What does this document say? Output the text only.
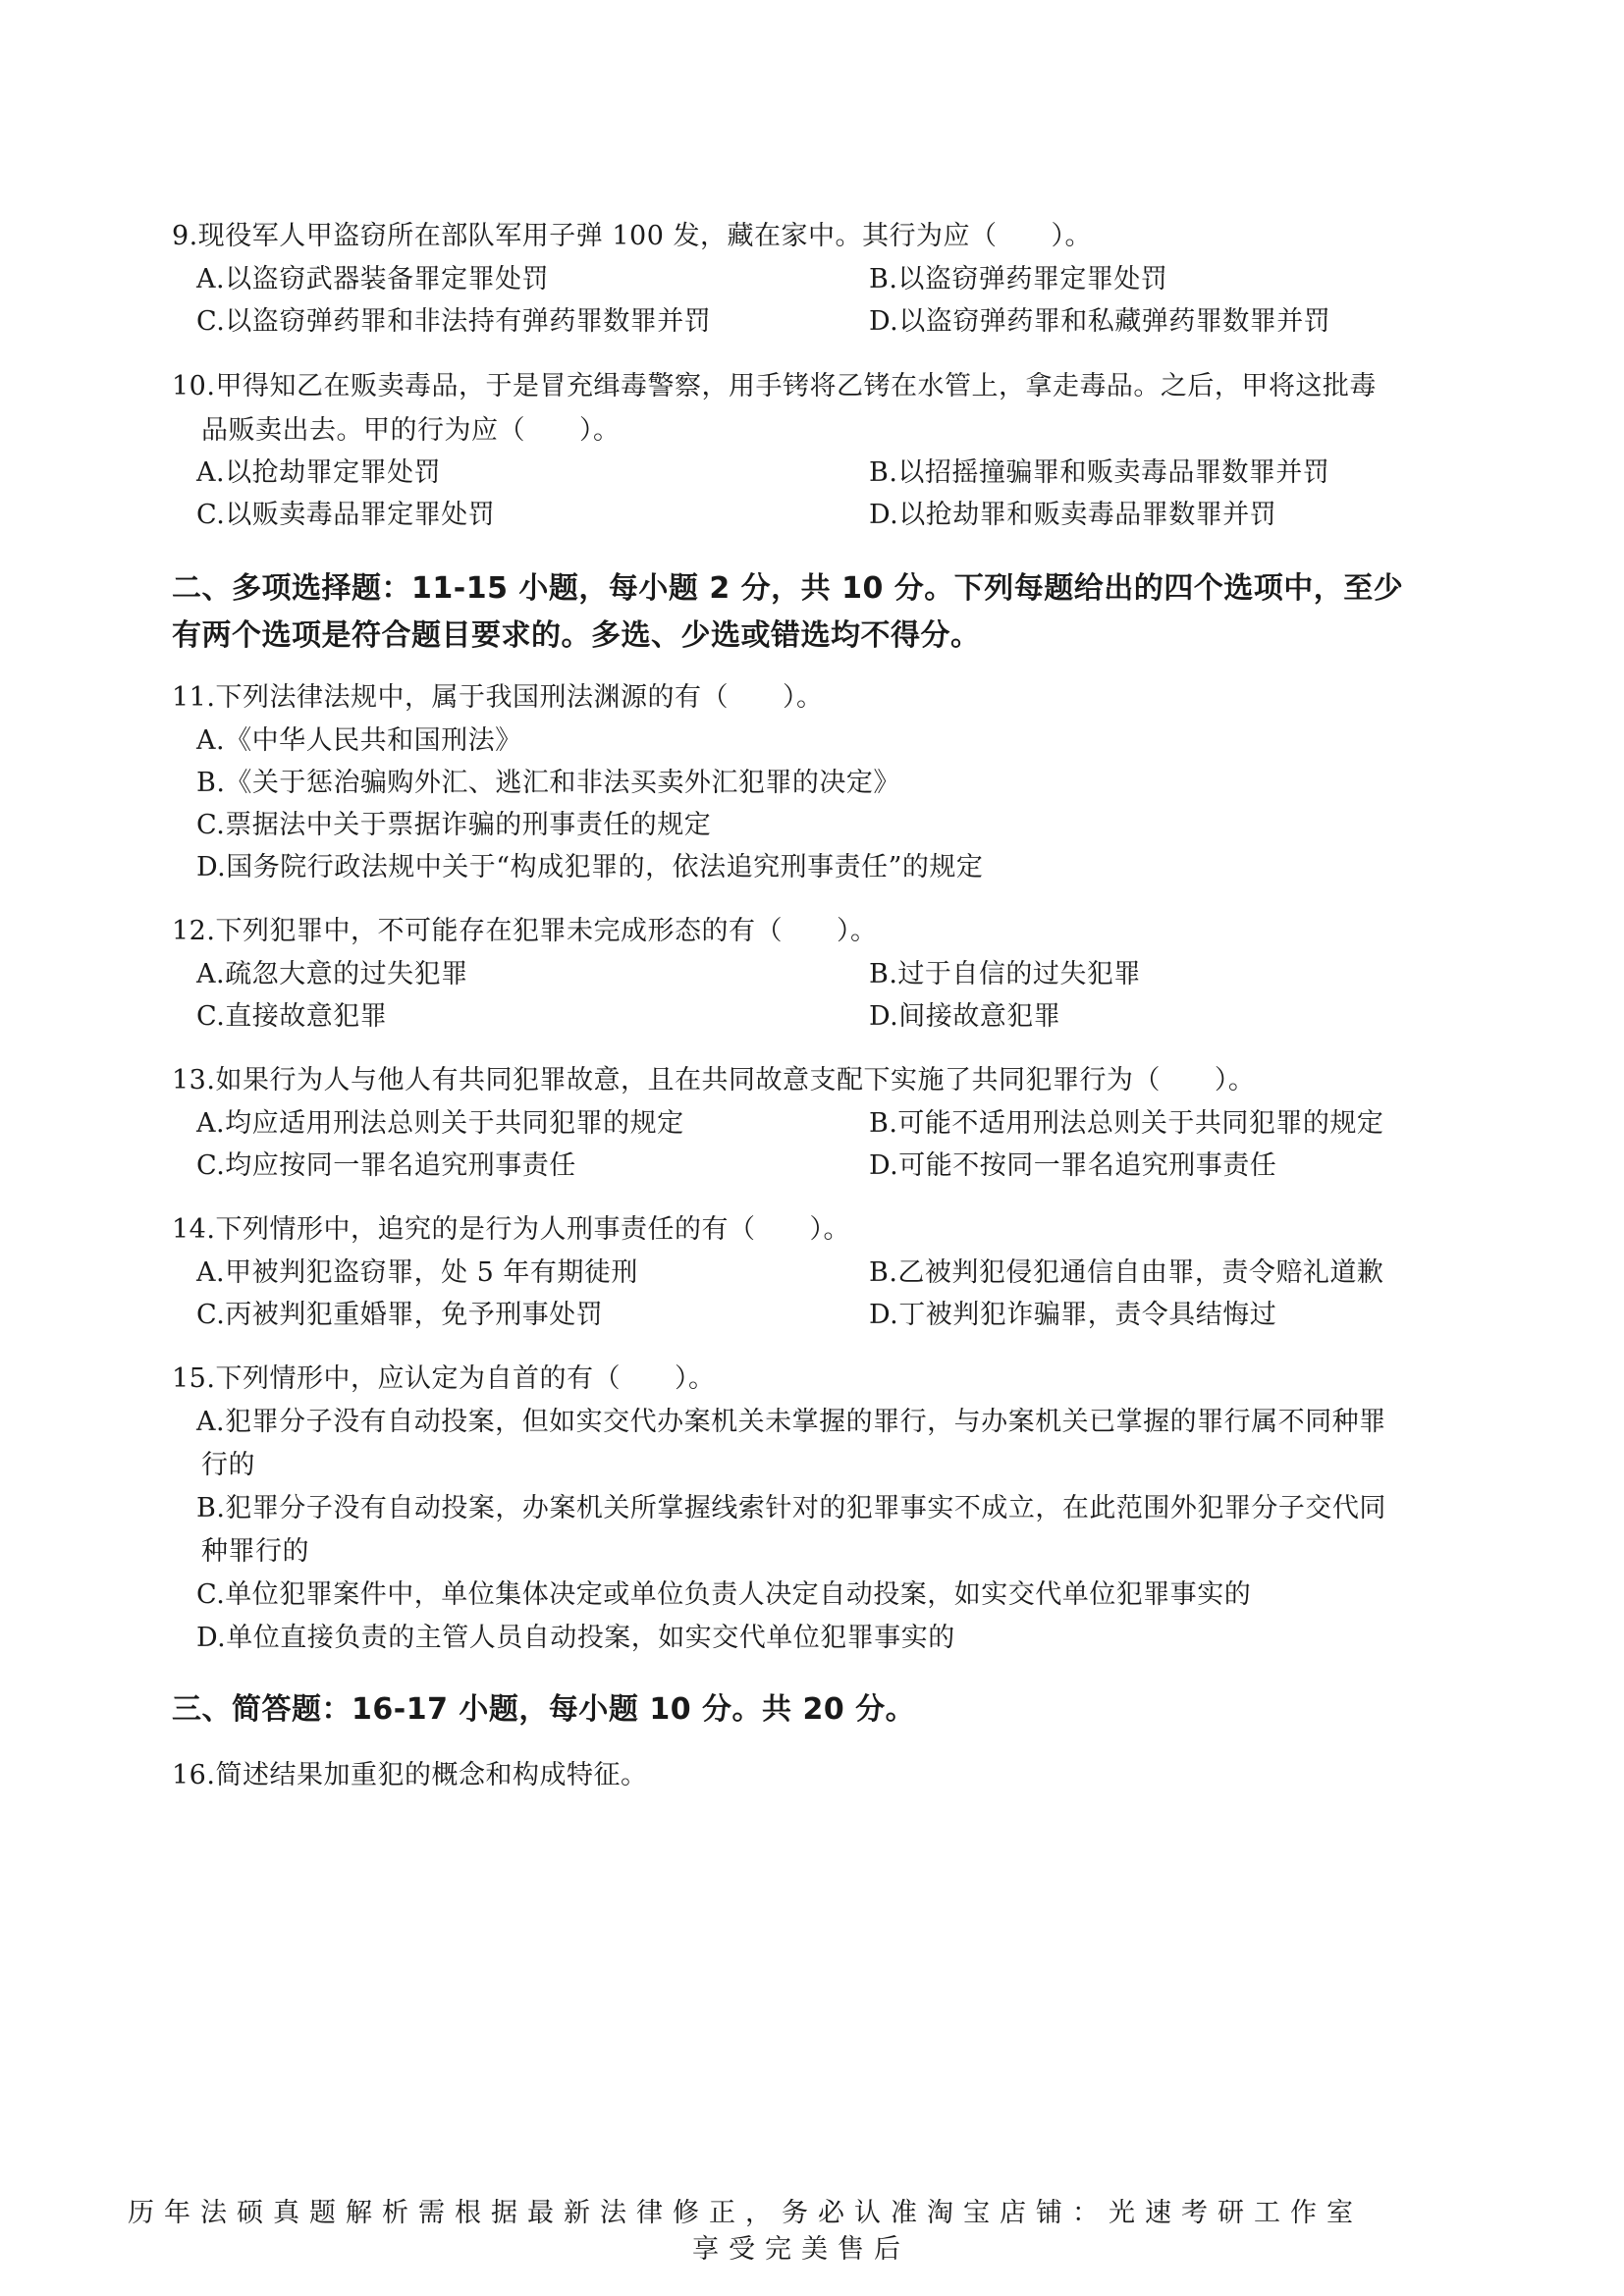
9.现役军人甲盗窃所在部队军用子弹 100 发，藏在家中。其行为应（　　）。
A.以盗窃武器装备罪定罪处罚	B.以盗窃弹药罪定罪处罚
C.以盗窃弹药罪和非法持有弹药罪数罪并罚	D.以盗窃弹药罪和私藏弹药罪数罪并罚
10.甲得知乙在贩卖毒品，于是冒充缉毒警察，用手铐将乙铐在水管上，拿走毒品。之后，甲将这批毒
品贩卖出去。甲的行为应（　　）。
A.以抢劫罪定罪处罚	B.以招摇撞骗罪和贩卖毒品罪数罪并罚
C.以贩卖毒品罪定罪处罚	D.以抢劫罪和贩卖毒品罪数罪并罚
二、多项选择题：11-15 小题，每小题 2 分，共 10 分。下列每题给出的四个选项中，至少
有两个选项是符合题目要求的。多选、少选或错选均不得分。
11.下列法律法规中，属于我国刑法渊源的有（　　）。
A.《中华人民共和国刑法》
B.《关于惩治骗购外汇、逃汇和非法买卖外汇犯罪的决定》
C.票据法中关于票据诈骗的刑事责任的规定
D.国务院行政法规中关于“构成犯罪的，依法追究刑事责任”的规定
12.下列犯罪中，不可能存在犯罪未完成形态的有（　　）。
A.疏忽大意的过失犯罪	B.过于自信的过失犯罪
C.直接故意犯罪	D.间接故意犯罪
13.如果行为人与他人有共同犯罪故意，且在共同故意支配下实施了共同犯罪行为（　　）。
A.均应适用刑法总则关于共同犯罪的规定	B.可能不适用刑法总则关于共同犯罪的规定
C.均应按同一罪名追究刑事责任	D.可能不按同一罪名追究刑事责任
14.下列情形中，追究的是行为人刑事责任的有（　　）。
A.甲被判犯盗窃罪，处 5 年有期徒刑	B.乙被判犯侵犯通信自由罪，责令赔礼道歉
C.丙被判犯重婚罪，免予刑事处罚	D.丁被判犯诈骗罪，责令具结悔过
15.下列情形中，应认定为自首的有（　　）。
A.犯罪分子没有自动投案，但如实交代办案机关未掌握的罪行，与办案机关已掌握的罪行属不同种罪
行的
B.犯罪分子没有自动投案，办案机关所掌握线索针对的犯罪事实不成立，在此范围外犯罪分子交代同
种罪行的
C.单位犯罪案件中，单位集体决定或单位负责人决定自动投案，如实交代单位犯罪事实的
D.单位直接负责的主管人员自动投案，如实交代单位犯罪事实的
三、简答题：16-17 小题，每小题 10 分。共 20 分。
16.简述结果加重犯的概念和构成特征。
历年法硕真题解析需根据最新法律修正，务必认准淘宝店铺：光速考研工作室
享受完美售后
